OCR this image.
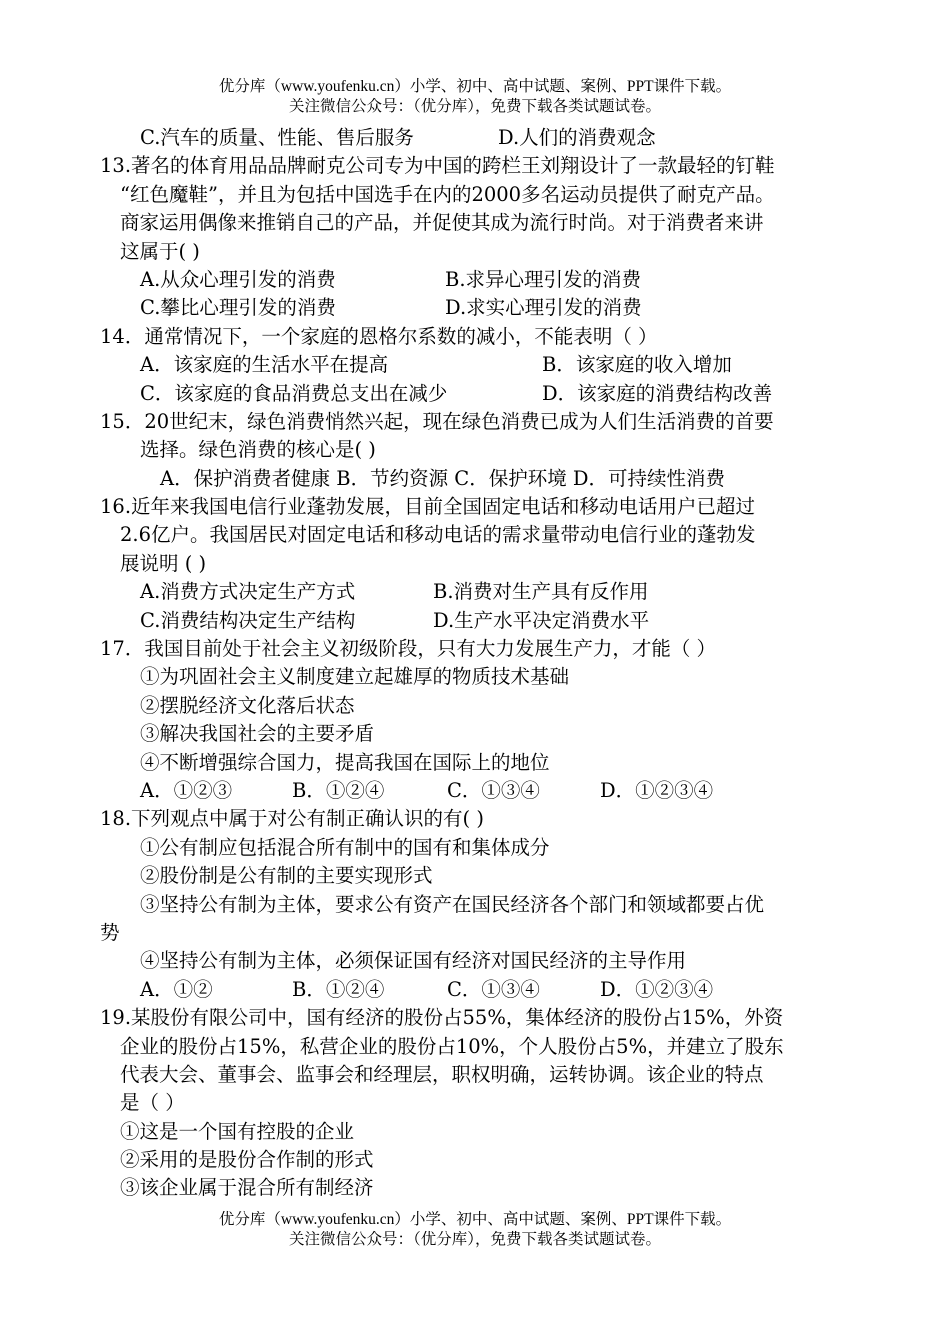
优分库（www.youfenku.cn）小学、初中、高中试题、案例、PPT课件下载。
关注微信公众号：（优分库），免费下载各类试题试卷。
C.汽车的质量、性能、售后服务	D.人们的消费观念
13.著名的体育用品品牌耐克公司专为中国的跨栏王刘翔设计了一款最轻的钉鞋
“红色魔鞋”，并且为包括中国选手在内的2000多名运动员提供了耐克产品。
商家运用偶像来推销自己的产品，并促使其成为流行时尚。对于消费者来讲
这属于( )
A.从众心理引发的消费	B.求异心理引发的消费
C.攀比心理引发的消费	D.求实心理引发的消费
14．通常情况下，一个家庭的恩格尔系数的减小，不能表明（ ）
A．该家庭的生活水平在提高	B．该家庭的收入增加
C．该家庭的食品消费总支出在减少	D．该家庭的消费结构改善
15．20世纪末，绿色消费悄然兴起，现在绿色消费已成为人们生活消费的首要
选择。绿色消费的核心是( )
A．保护消费者健康 B．节约资源 C．保护环境 D．可持续性消费
16.近年来我国电信行业蓬勃发展，目前全国固定电话和移动电话用户已超过
2.6亿户。我国居民对固定电话和移动电话的需求量带动电信行业的蓬勃发
展说明 ( )
A.消费方式决定生产方式	B.消费对生产具有反作用
C.消费结构决定生产结构	D.生产水平决定消费水平
17．我国目前处于社会主义初级阶段，只有大力发展生产力，才能（ ）
①为巩固社会主义制度建立起雄厚的物质技术基础
②摆脱经济文化落后状态
③解决我国社会的主要矛盾
④不断增强综合国力，提高我国在国际上的地位
A．①②③	B．①②④	C．①③④	D．①②③④
18.下列观点中属于对公有制正确认识的有( )
①公有制应包括混合所有制中的国有和集体成分
②股份制是公有制的主要实现形式
③坚持公有制为主体，要求公有资产在国民经济各个部门和领域都要占优
势
④坚持公有制为主体，必须保证国有经济对国民经济的主导作用
A．①②	B．①②④	C．①③④	D．①②③④
19.某股份有限公司中，国有经济的股份占55%，集体经济的股份占15%，外资
企业的股份占15%，私营企业的股份占10%，个人股份占5%，并建立了股东
代表大会、董事会、监事会和经理层，职权明确，运转协调。该企业的特点
是（ ）
①这是一个国有控股的企业
②采用的是股份合作制的形式
③该企业属于混合所有制经济
优分库（www.youfenku.cn）小学、初中、高中试题、案例、PPT课件下载。
关注微信公众号：（优分库），免费下载各类试题试卷。
